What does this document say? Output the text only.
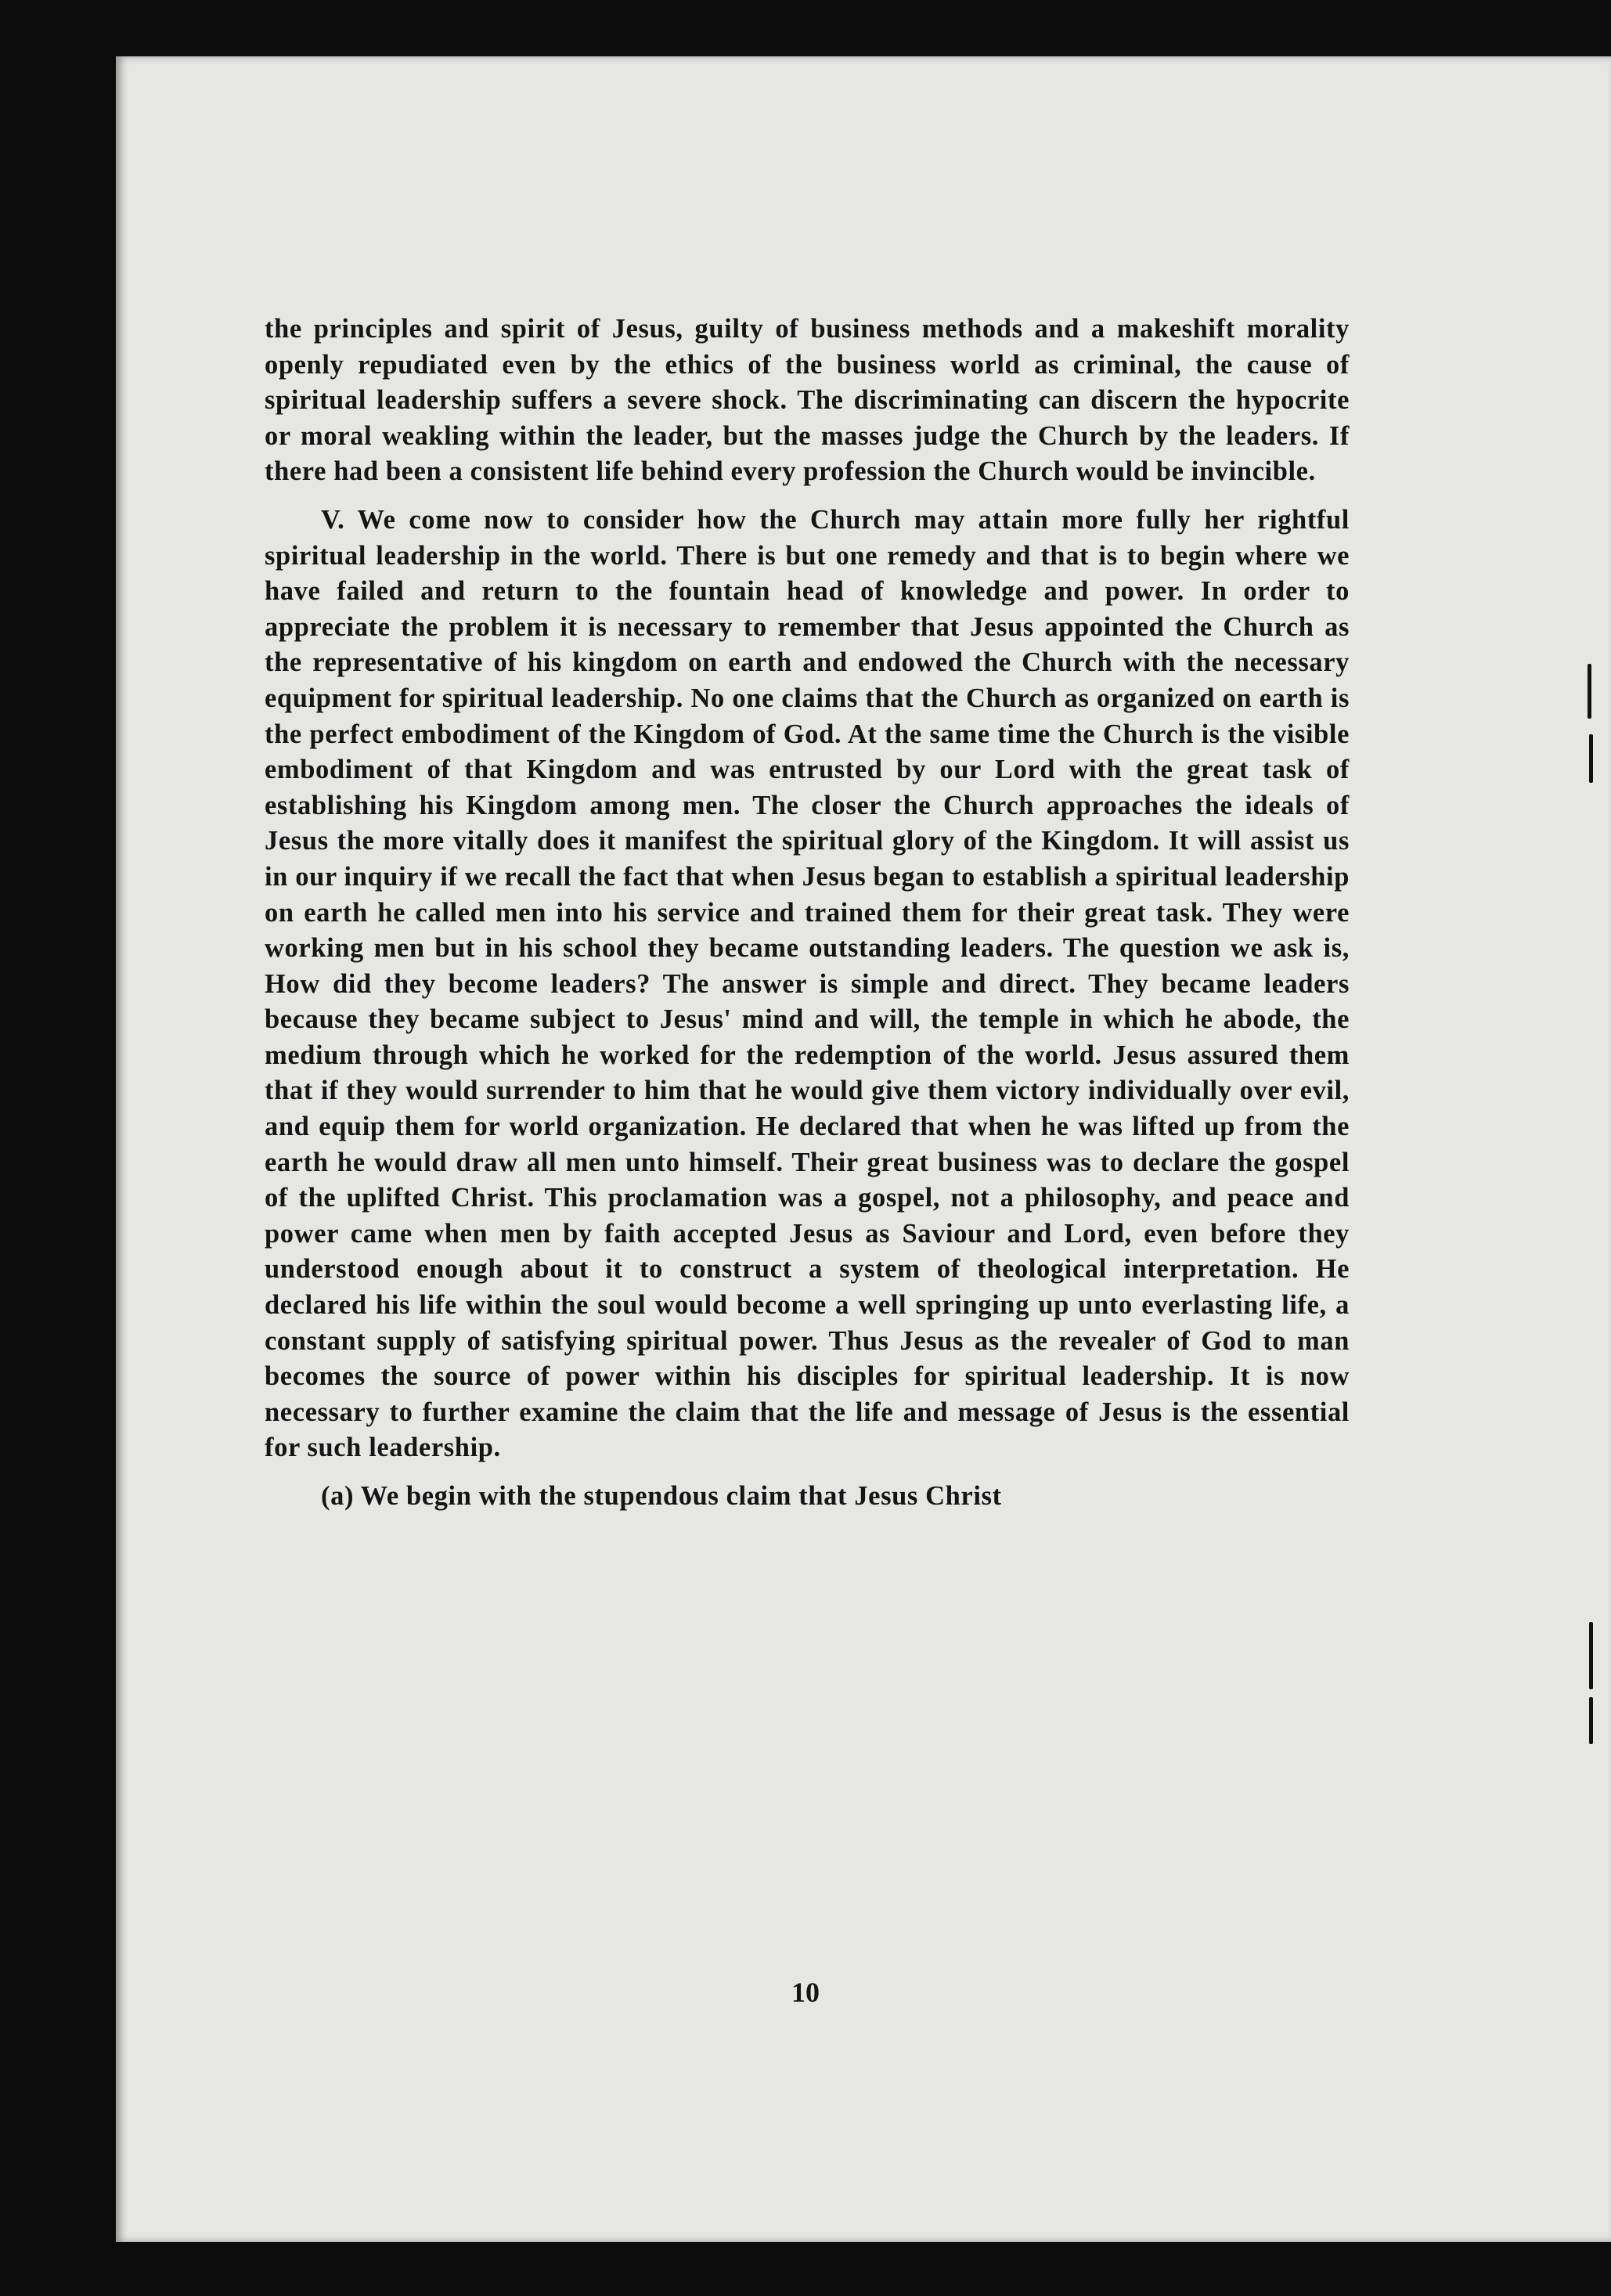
the principles and spirit of Jesus, guilty of business methods and a makeshift morality openly repudiated even by the ethics of the business world as criminal, the cause of spiritual leadership suffers a severe shock. The discriminating can discern the hypocrite or moral weakling within the leader, but the masses judge the Church by the leaders. If there had been a consistent life behind every profession the Church would be invincible.

V. We come now to consider how the Church may attain more fully her rightful spiritual leadership in the world. There is but one remedy and that is to begin where we have failed and return to the fountain head of knowledge and power. In order to appreciate the problem it is necessary to remember that Jesus appointed the Church as the representative of his kingdom on earth and endowed the Church with the necessary equipment for spiritual leadership. No one claims that the Church as organized on earth is the perfect embodiment of the Kingdom of God. At the same time the Church is the visible embodiment of that Kingdom and was entrusted by our Lord with the great task of establishing his Kingdom among men. The closer the Church approaches the ideals of Jesus the more vitally does it manifest the spiritual glory of the Kingdom. It will assist us in our inquiry if we recall the fact that when Jesus began to establish a spiritual leadership on earth he called men into his service and trained them for their great task. They were working men but in his school they became outstanding leaders. The question we ask is, How did they become leaders? The answer is simple and direct. They became leaders because they became subject to Jesus' mind and will, the temple in which he abode, the medium through which he worked for the redemption of the world. Jesus assured them that if they would surrender to him that he would give them victory individually over evil, and equip them for world organization. He declared that when he was lifted up from the earth he would draw all men unto himself. Their great business was to declare the gospel of the uplifted Christ. This proclamation was a gospel, not a philosophy, and peace and power came when men by faith accepted Jesus as Saviour and Lord, even before they understood enough about it to construct a system of theological interpretation. He declared his life within the soul would become a well springing up unto everlasting life, a constant supply of satisfying spiritual power. Thus Jesus as the revealer of God to man becomes the source of power within his disciples for spiritual leadership. It is now necessary to further examine the claim that the life and message of Jesus is the essential for such leadership.

(a) We begin with the stupendous claim that Jesus Christ

10
